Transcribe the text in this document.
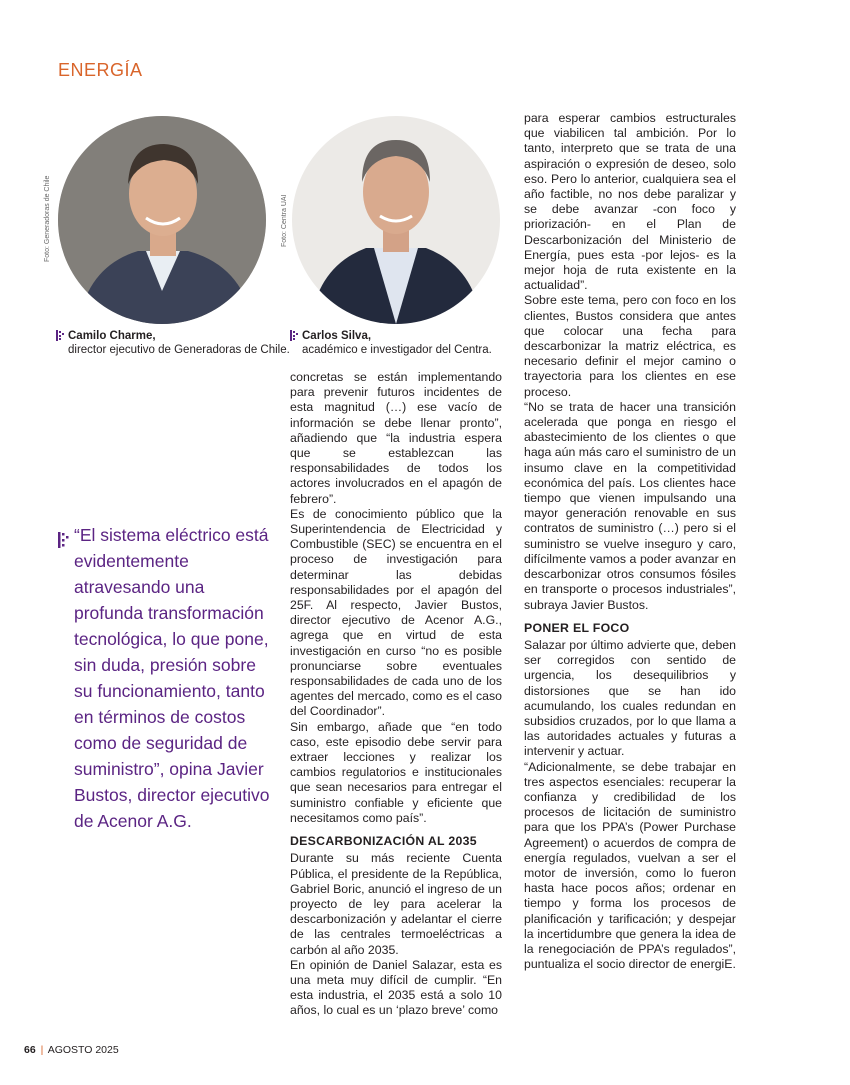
ENERGÍA
Foto: Generadoras de Chile	Foto: Centra UAI
Camilo Charme,
director ejecutivo de Generadoras de Chile.
Carlos Silva,
académico e investigador del Centra.
“El sistema eléctrico está evidentemente atravesando una profunda transformación tecnológica, lo que pone, sin duda, presión sobre su funcionamiento, tanto en términos de costos como de seguridad de suministro”, opina Javier Bustos, director ejecutivo de Acenor A.G.

concretas se están implementando para prevenir futuros incidentes de esta magnitud (…) ese vacío de información se debe llenar pronto”, añadiendo que “la industria espera que se establezcan las responsabilidades de todos los actores involucrados en el apagón de febrero”.

Es de conocimiento público que la Superintendencia de Electricidad y Combustible (SEC) se encuentra en el proceso de investigación para determinar las debidas responsabilidades por el apagón del 25F. Al respecto, Javier Bustos, director ejecutivo de Acenor A.G., agrega que en virtud de esta investigación en curso “no es posible pronunciarse sobre eventuales responsabilidades de cada uno de los agentes del mercado, como es el caso del Coordinador”.

Sin embargo, añade que “en todo caso, este episodio debe servir para extraer lecciones y realizar los cambios regulatorios e institucionales que sean necesarios para entregar el suministro confiable y eficiente que necesitamos como país”.

DESCARBONIZACIÓN AL 2035

Durante su más reciente Cuenta Pública, el presidente de la República, Gabriel Boric, anunció el ingreso de un proyecto de ley para acelerar la descarbonización y adelantar el cierre de las centrales termoeléctricas a carbón al año 2035.

En opinión de Daniel Salazar, esta es una meta muy difícil de cumplir. “En esta industria, el 2035 está a solo 10 años, lo cual es un ‘plazo breve’ como

para esperar cambios estructurales que viabilicen tal ambición. Por lo tanto, interpreto que se trata de una aspiración o expresión de deseo, solo eso. Pero lo anterior, cualquiera sea el año factible, no nos debe paralizar y se debe avanzar -con foco y priorización- en el Plan de Descarbonización del Ministerio de Energía, pues esta -por lejos- es la mejor hoja de ruta existente en la actualidad”.

Sobre este tema, pero con foco en los clientes, Bustos considera que antes que colocar una fecha para descarbonizar la matriz eléctrica, es necesario definir el mejor camino o trayectoria para los clientes en ese proceso.

“No se trata de hacer una transición acelerada que ponga en riesgo el abastecimiento de los clientes o que haga aún más caro el suministro de un insumo clave en la competitividad económica del país. Los clientes hace tiempo que vienen impulsando una mayor generación renovable en sus contratos de suministro (…) pero si el suministro se vuelve inseguro y caro, difícilmente vamos a poder avanzar en descarbonizar otros consumos fósiles en transporte o procesos industriales”, subraya Javier Bustos.

PONER EL FOCO

Salazar por último advierte que, deben ser corregidos con sentido de urgencia, los desequilibrios y distorsiones que se han ido acumulando, los cuales redundan en subsidios cruzados, por lo que llama a las autoridades actuales y futuras a intervenir y actuar.

“Adicionalmente, se debe trabajar en tres aspectos esenciales: recuperar la confianza y credibilidad de los procesos de licitación de suministro para que los PPA’s (Power Purchase Agreement) o acuerdos de compra de energía regulados, vuelvan a ser el motor de inversión, como lo fueron hasta hace pocos años; ordenar en tiempo y forma los procesos de planificación y tarificación; y despejar la incertidumbre que genera la idea de la renegociación de PPA’s regulados”, puntualiza el socio director de energiE.

66 | AGOSTO 2025
